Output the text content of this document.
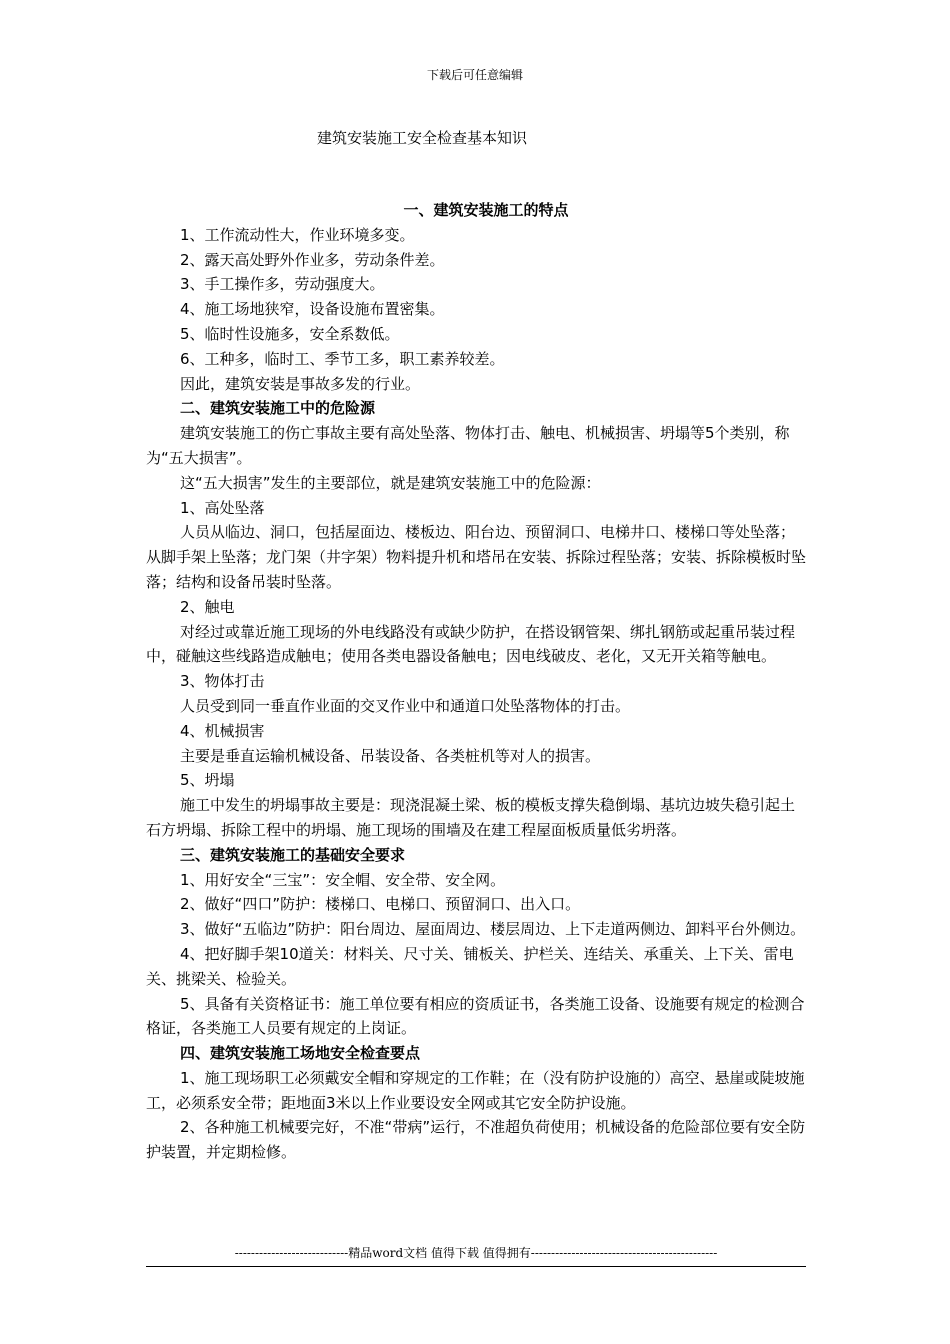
下载后可任意编辑
建筑安装施工安全检查基本知识

一、建筑安装施工的特点

1、工作流动性大，作业环境多变。

2、露天高处野外作业多，劳动条件差。

3、手工操作多，劳动强度大。

4、施工场地狭窄，设备设施布置密集。

5、临时性设施多，安全系数低。

6、工种多，临时工、季节工多，职工素养较差。

因此，建筑安装是事故多发的行业。

二、建筑安装施工中的危险源

建筑安装施工的伤亡事故主要有高处坠落、物体打击、触电、机械损害、坍塌等5个类别，称为“五大损害”。

这“五大损害”发生的主要部位，就是建筑安装施工中的危险源：

1、高处坠落

人员从临边、洞口，包括屋面边、楼板边、阳台边、预留洞口、电梯井口、楼梯口等处坠落；从脚手架上坠落；龙门架（井字架）物料提升机和塔吊在安装、拆除过程坠落；安装、拆除模板时坠落；结构和设备吊装时坠落。

2、触电

对经过或靠近施工现场的外电线路没有或缺少防护，在搭设钢管架、绑扎钢筋或起重吊装过程中，碰触这些线路造成触电；使用各类电器设备触电；因电线破皮、老化，又无开关箱等触电。

3、物体打击

人员受到同一垂直作业面的交叉作业中和通道口处坠落物体的打击。

4、机械损害

主要是垂直运输机械设备、吊装设备、各类桩机等对人的损害。

5、坍塌

施工中发生的坍塌事故主要是：现浇混凝土梁、板的模板支撑失稳倒塌、基坑边坡失稳引起土石方坍塌、拆除工程中的坍塌、施工现场的围墙及在建工程屋面板质量低劣坍落。

三、建筑安装施工的基础安全要求

1、用好安全“三宝”：安全帽、安全带、安全网。

2、做好“四口”防护：楼梯口、电梯口、预留洞口、出入口。

3、做好“五临边”防护：阳台周边、屋面周边、楼层周边、上下走道两侧边、卸料平台外侧边。

4、把好脚手架10道关：材料关、尺寸关、铺板关、护栏关、连结关、承重关、上下关、雷电关、挑梁关、检验关。

5、具备有关资格证书：施工单位要有相应的资质证书，各类施工设备、设施要有规定的检测合格证，各类施工人员要有规定的上岗证。

四、建筑安装施工场地安全检查要点

1、施工现场职工必须戴安全帽和穿规定的工作鞋；在（没有防护设施的）高空、悬崖或陡坡施工，必须系安全带；距地面3米以上作业要设安全网或其它安全防护设施。

2、各种施工机械要完好，不准“带病”运行，不准超负荷使用；机械设备的危险部位要有安全防护装置，并定期检修。

----------------------------精品word文档 值得下载 值得拥有----------------------------------------------
